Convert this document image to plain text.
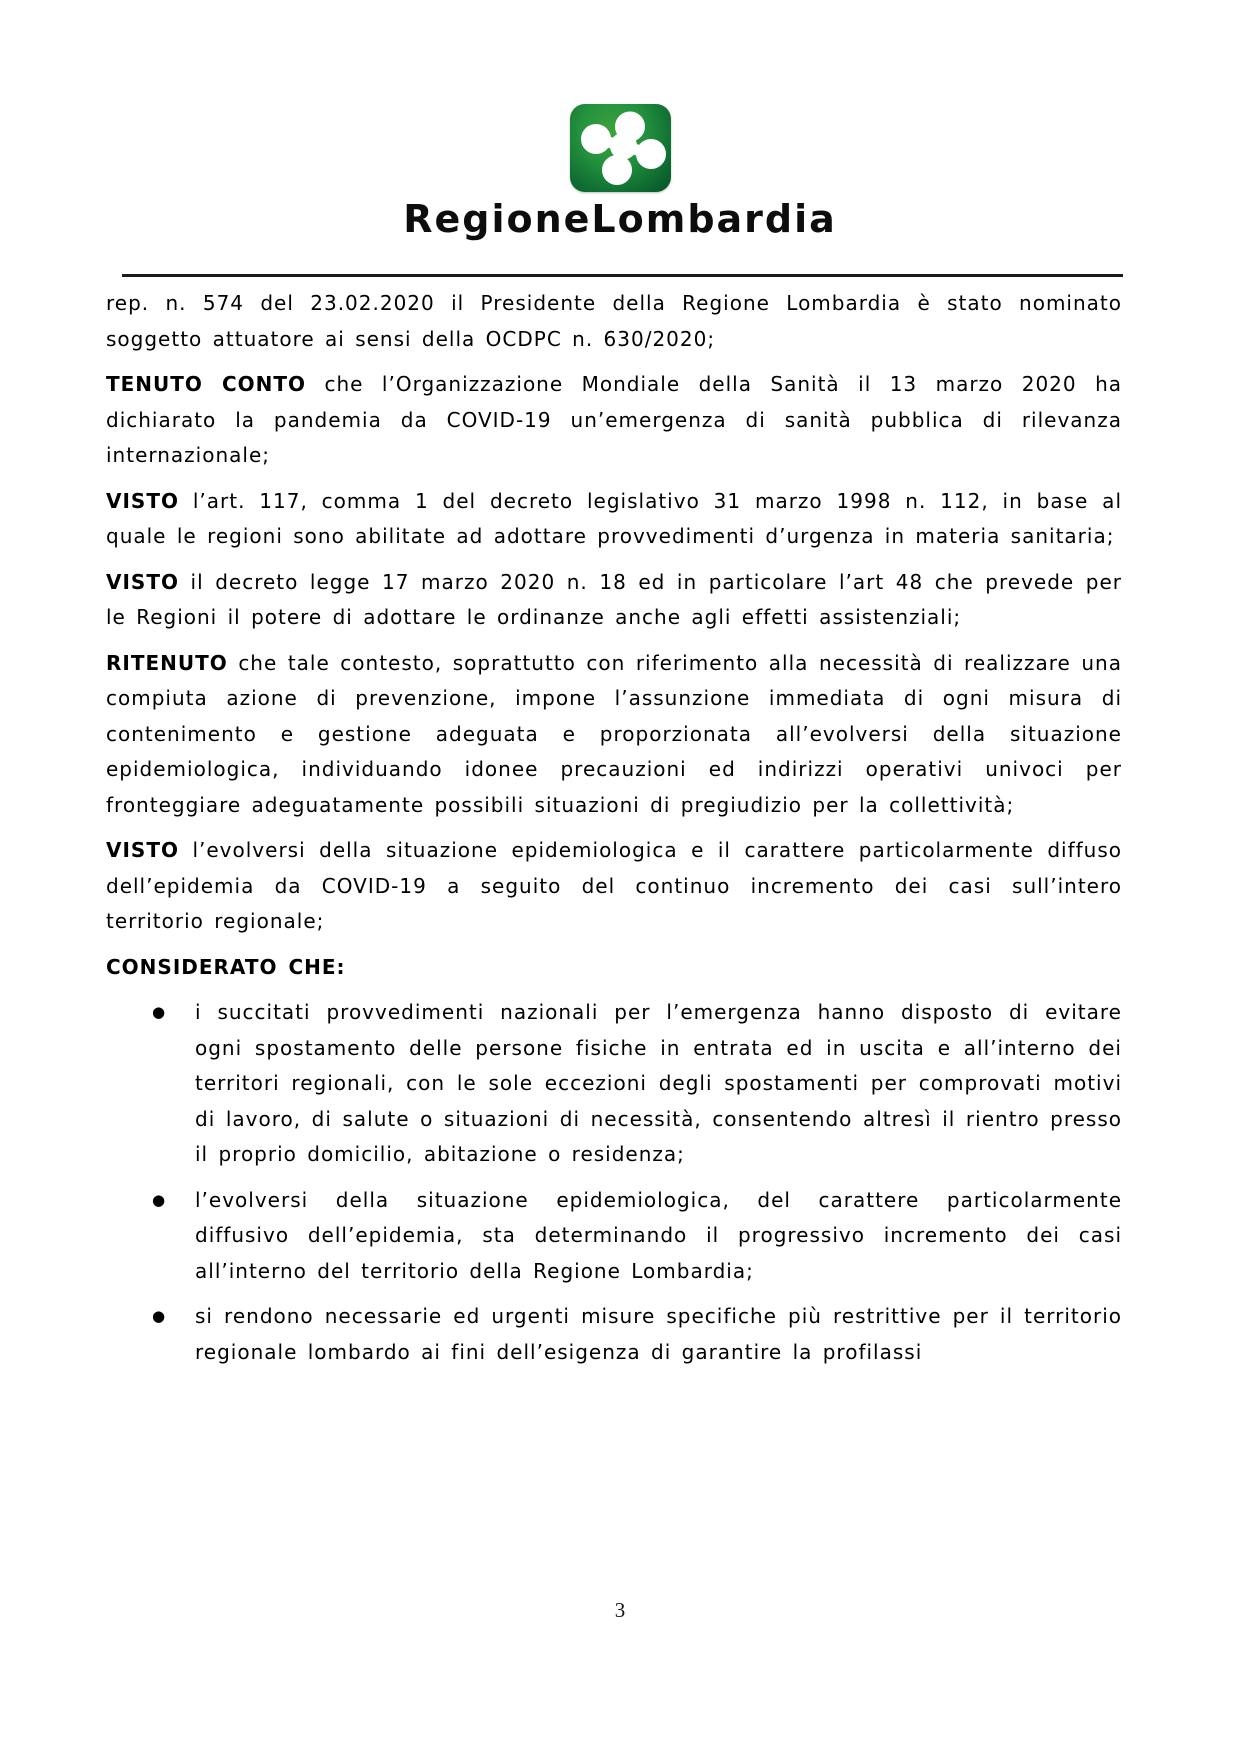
RegioneLombardia

rep. n. 574 del 23.02.2020 il Presidente della Regione Lombardia è stato nominato soggetto attuatore ai sensi della OCDPC n. 630/2020;

TENUTO CONTO che l’Organizzazione Mondiale della Sanità il 13 marzo 2020 ha dichiarato la pandemia da COVID-19 un’emergenza di sanità pubblica di rilevanza internazionale;

VISTO l’art. 117, comma 1 del decreto legislativo 31 marzo 1998 n. 112, in base al quale le regioni sono abilitate ad adottare provvedimenti d’urgenza in materia sanitaria;

VISTO il decreto legge 17 marzo 2020 n. 18 ed in particolare l’art 48 che prevede per le Regioni il potere di adottare le ordinanze anche agli effetti assistenziali;

RITENUTO che tale contesto, soprattutto con riferimento alla necessità di realizzare una compiuta azione di prevenzione, impone l’assunzione immediata di ogni misura di contenimento e gestione adeguata e proporzionata all’evolversi della situazione epidemiologica, individuando idonee precauzioni ed indirizzi operativi univoci per fronteggiare adeguatamente possibili situazioni di pregiudizio per la collettività;

VISTO l’evolversi della situazione epidemiologica e il carattere particolarmente diffuso dell’epidemia da COVID-19 a seguito del continuo incremento dei casi sull’intero territorio regionale;

CONSIDERATO CHE:

●	i succitati provvedimenti nazionali per l’emergenza hanno disposto di evitare ogni spostamento delle persone fisiche in entrata ed in uscita e all’interno dei territori regionali, con le sole eccezioni degli spostamenti per comprovati motivi di lavoro, di salute o situazioni di necessità, consentendo altresì il rientro presso il proprio domicilio, abitazione o residenza;
●	l’evolversi della situazione epidemiologica, del carattere particolarmente diffusivo dell’epidemia, sta determinando il progressivo incremento dei casi all’interno del territorio della Regione Lombardia;
●	si rendono necessarie ed urgenti misure specifiche più restrittive per il territorio regionale lombardo ai fini dell’esigenza di garantire la profilassi
3
